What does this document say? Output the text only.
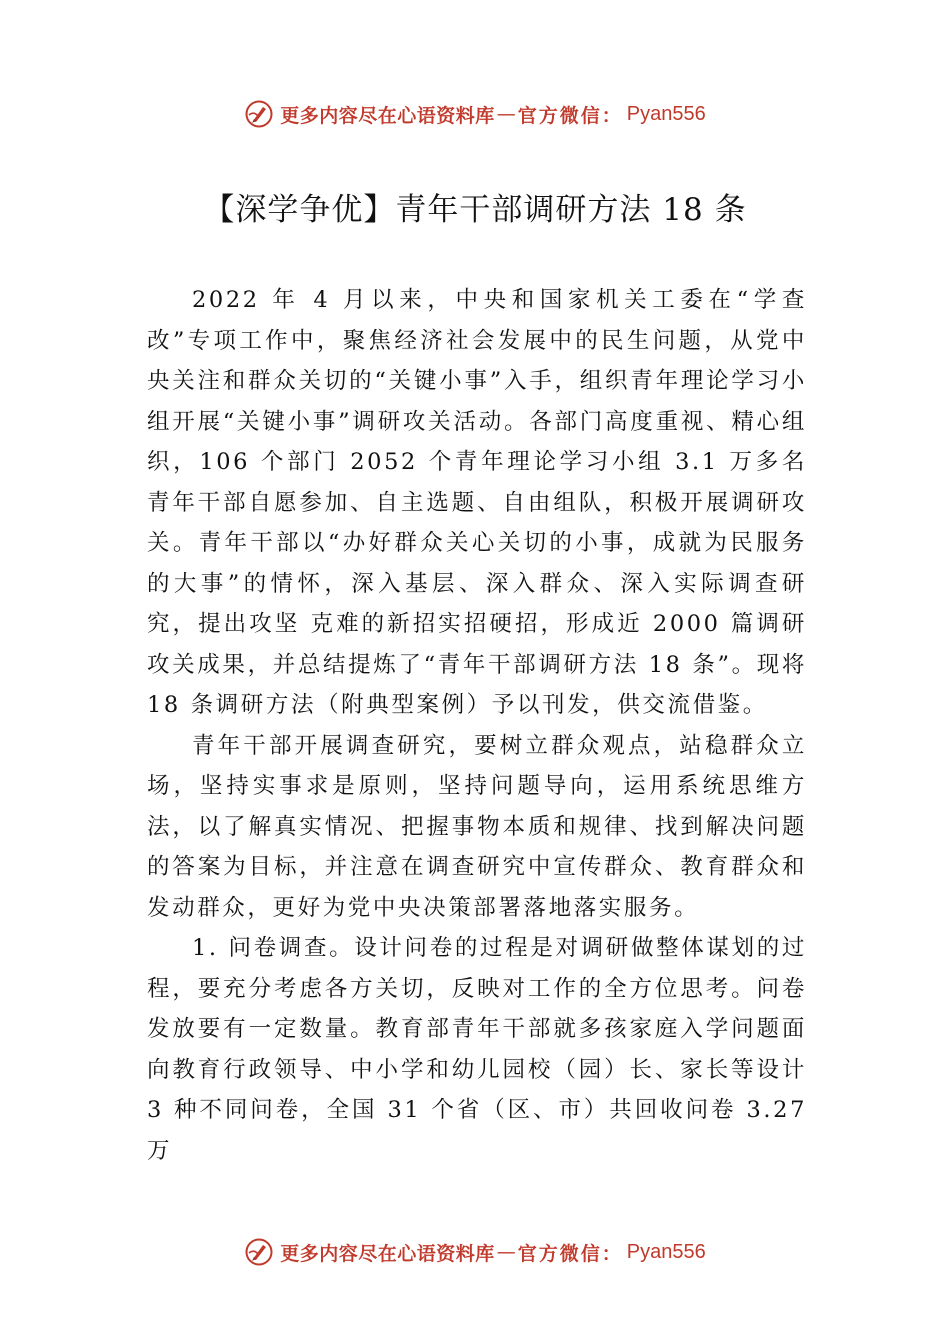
更多内容尽在心语资料库 — 官方微信： Pyan556
【深学争优】青年干部调研方法 18 条

2022 年 4 月以来，中央和国家机关工委在“学查改”专项工作中，聚焦经济社会发展中的民生问题，从党中央关注和群众关切的“关键小事”入手，组织青年理论学习小组开展“关键小事”调研攻关活动。各部门高度重视、精心组织，106 个部门 2052 个青年理论学习小组 3.1 万多名青年干部自愿参加、自主选题、自由组队，积极开展调研攻关。青年干部以“办好群众关心关切的小事，成就为民服务的大事”的情怀，深入基层、深入群众、深入实际调查研究，提出攻坚 克难的新招实招硬招，形成近 2000 篇调研攻关成果，并总结提炼了“青年干部调研方法 18 条”。现将 18 条调研方法（附典型案例）予以刊发，供交流借鉴。

青年干部开展调查研究，要树立群众观点，站稳群众立场，坚持实事求是原则，坚持问题导向，运用系统思维方法，以了解真实情况、把握事物本质和规律、找到解决问题的答案为目标，并注意在调查研究中宣传群众、教育群众和发动群众，更好为党中央决策部署落地落实服务。

1. 问卷调查。设计问卷的过程是对调研做整体谋划的过程，要充分考虑各方关切，反映对工作的全方位思考。问卷发放要有一定数量。教育部青年干部就多孩家庭入学问题面向教育行政领导、中小学和幼儿园校（园）长、家长等设计 3 种不同问卷，全国 31 个省（区、市）共回收问卷 3.27 万

更多内容尽在心语资料库 — 官方微信： Pyan556
